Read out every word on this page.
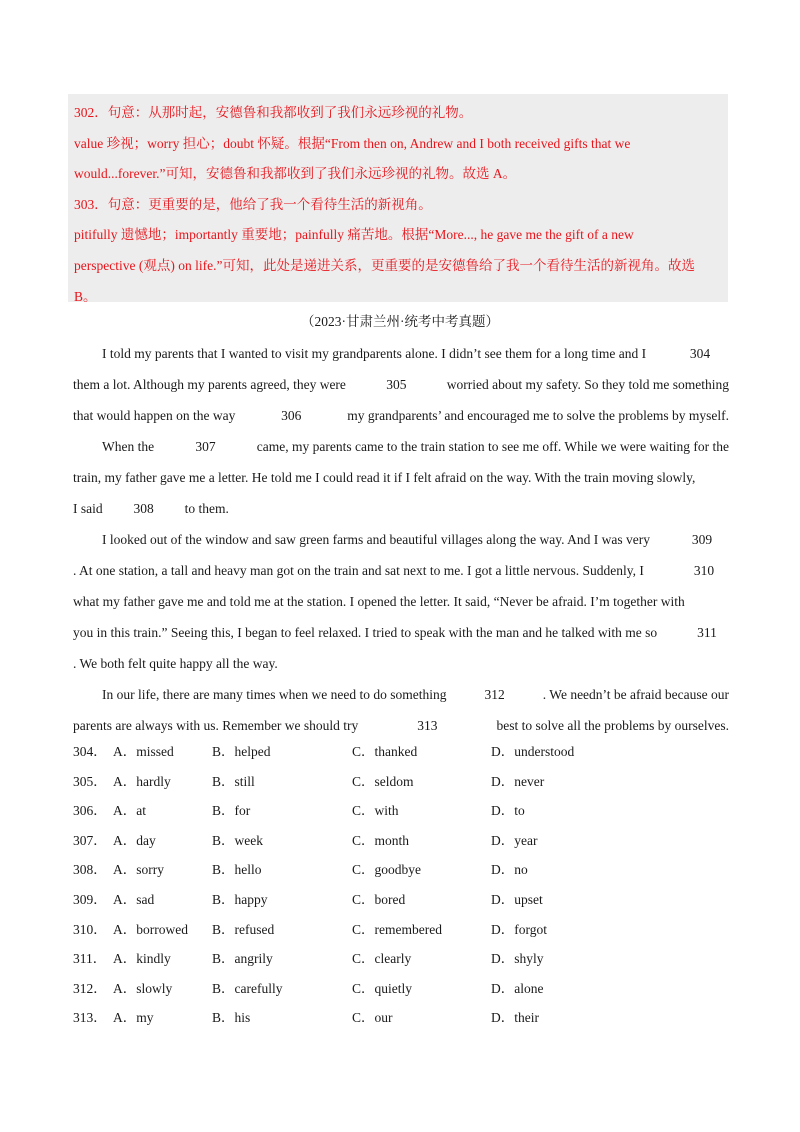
302．句意：从那时起，安德鲁和我都收到了我们永远珍视的礼物。
value 珍视；worry 担心；doubt 怀疑。根据“From then on, Andrew and I both received gifts that we
would...forever.”可知，安德鲁和我都收到了我们永远珍视的礼物。故选 A。
303．句意：更重要的是，他给了我一个看待生活的新视角。
pitifully 遗憾地；importantly 重要地；painfully 痛苦地。根据“More..., he gave me the gift of a new
perspective (观点) on life.”可知，此处是递进关系，更重要的是安德鲁给了我一个看待生活的新视角。故选
B。
（2023·甘肃兰州·统考中考真题）
I told my parents that I wanted to visit my grandparents alone. I didn’t see them for a long time and I	304
them a lot. Although my parents agreed, they were	305	worried about my safety. So they told me something
that would happen on the way	306	my grandparents’ and encouraged me to solve the problems by myself.
When the	307	came, my parents came to the train station to see me off. While we were waiting for the
train, my father gave me a letter. He told me I could read it if I felt afraid on the way. With the train moving slowly,
I said	308	to them.
I looked out of the window and saw green farms and beautiful villages along the way. And I was very	309
. At one station, a tall and heavy man got on the train and sat next to me. I got a little nervous. Suddenly, I	310
what my father gave me and told me at the station. I opened the letter. It said, “Never be afraid. I’m together with
you in this train.” Seeing this, I began to feel relaxed. I tried to speak with the man and he talked with me so	311
. We both felt quite happy all the way.
In our life, there are many times when we need to do something	312	. We needn’t be afraid because our
parents are always with us. Remember we should try	313	best to solve all the problems by ourselves.
304． A．missed	B．helped	C．thanked	D．understood
305． A．hardly	B．still	C．seldom	D．never
306． A．at	B．for	C．with	D．to
307． A．day	B．week	C．month	D．year
308． A．sorry	B．hello	C．goodbye	D．no
309． A．sad	B．happy	C．bored	D．upset
310． A．borrowed B．refused	C．remembered	D．forgot
311． A．kindly	B．angrily	C．clearly	D．shyly
312． A．slowly	B．carefully	C．quietly	D．alone
313． A．my	B．his	C．our	D．their
